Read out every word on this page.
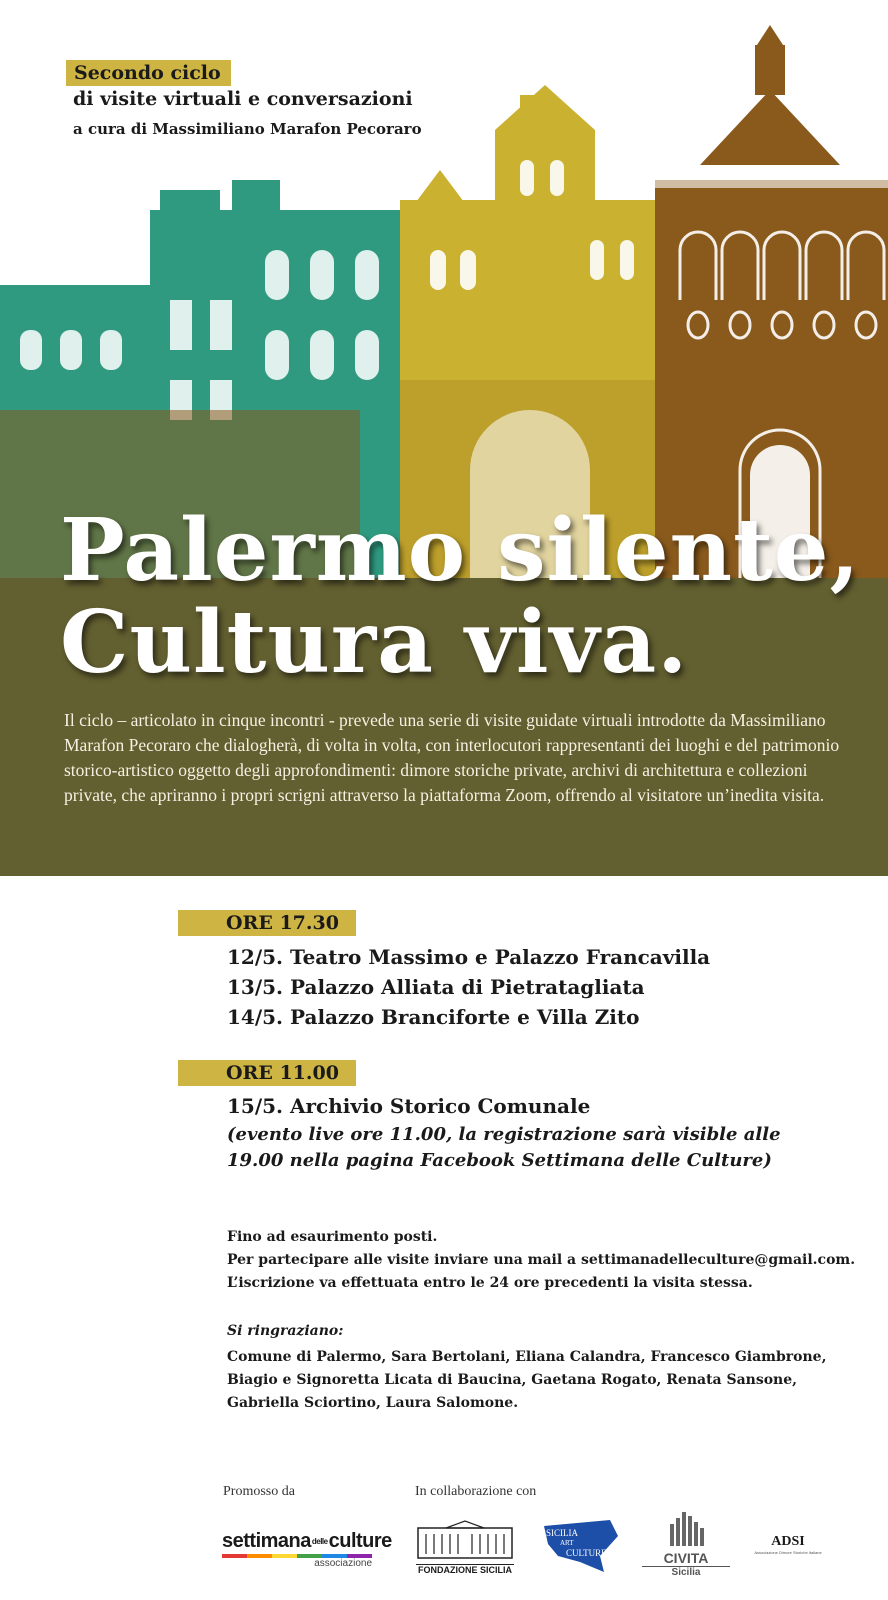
Secondo ciclo
di visite virtuali e conversazioni
a cura di Massimiliano Marafon Pecoraro
Palermo silente,
Cultura viva.
Il ciclo – articolato in cinque incontri - prevede una serie di visite guidate virtuali introdotte da Massimiliano Marafon Pecoraro che dialogherà, di volta in volta, con interlocutori rappresentanti dei luoghi e del patrimonio storico-artistico oggetto degli approfondimenti: dimore storiche private, archivi di architettura e collezioni private, che apriranno i propri scrigni attraverso la piattaforma Zoom, offrendo al visitatore un’inedita visita.
ORE 17.30
12/5. Teatro Massimo e Palazzo Francavilla
13/5. Palazzo Alliata di Pietratagliata
14/5. Palazzo Branciforte e Villa Zito
ORE 11.00
15/5. Archivio Storico Comunale
(evento live ore 11.00, la registrazione sarà visible alle 19.00 nella pagina Facebook Settimana delle Culture)
Fino ad esaurimento posti.
Per partecipare alle visite inviare una mail a settimanadelleculture@gmail.com.
L’iscrizione va effettuata entro le 24 ore precedenti la visita stessa.
Si ringraziano:
Comune di Palermo, Sara Bertolani, Eliana Calandra, Francesco Giambrone,
Biagio e Signoretta Licata di Baucina, Gaetana Rogato, Renata Sansone,
Gabriella Sciortino, Laura Salomone.
Promosso da	In collaborazione con
settimanadelleculture
associazione
FONDAZIONE SICILIA
SICILIA
ART
CULTURE	CIVITA
Sicilia
ADSI
Associazione Dimore Storiche Italiane
